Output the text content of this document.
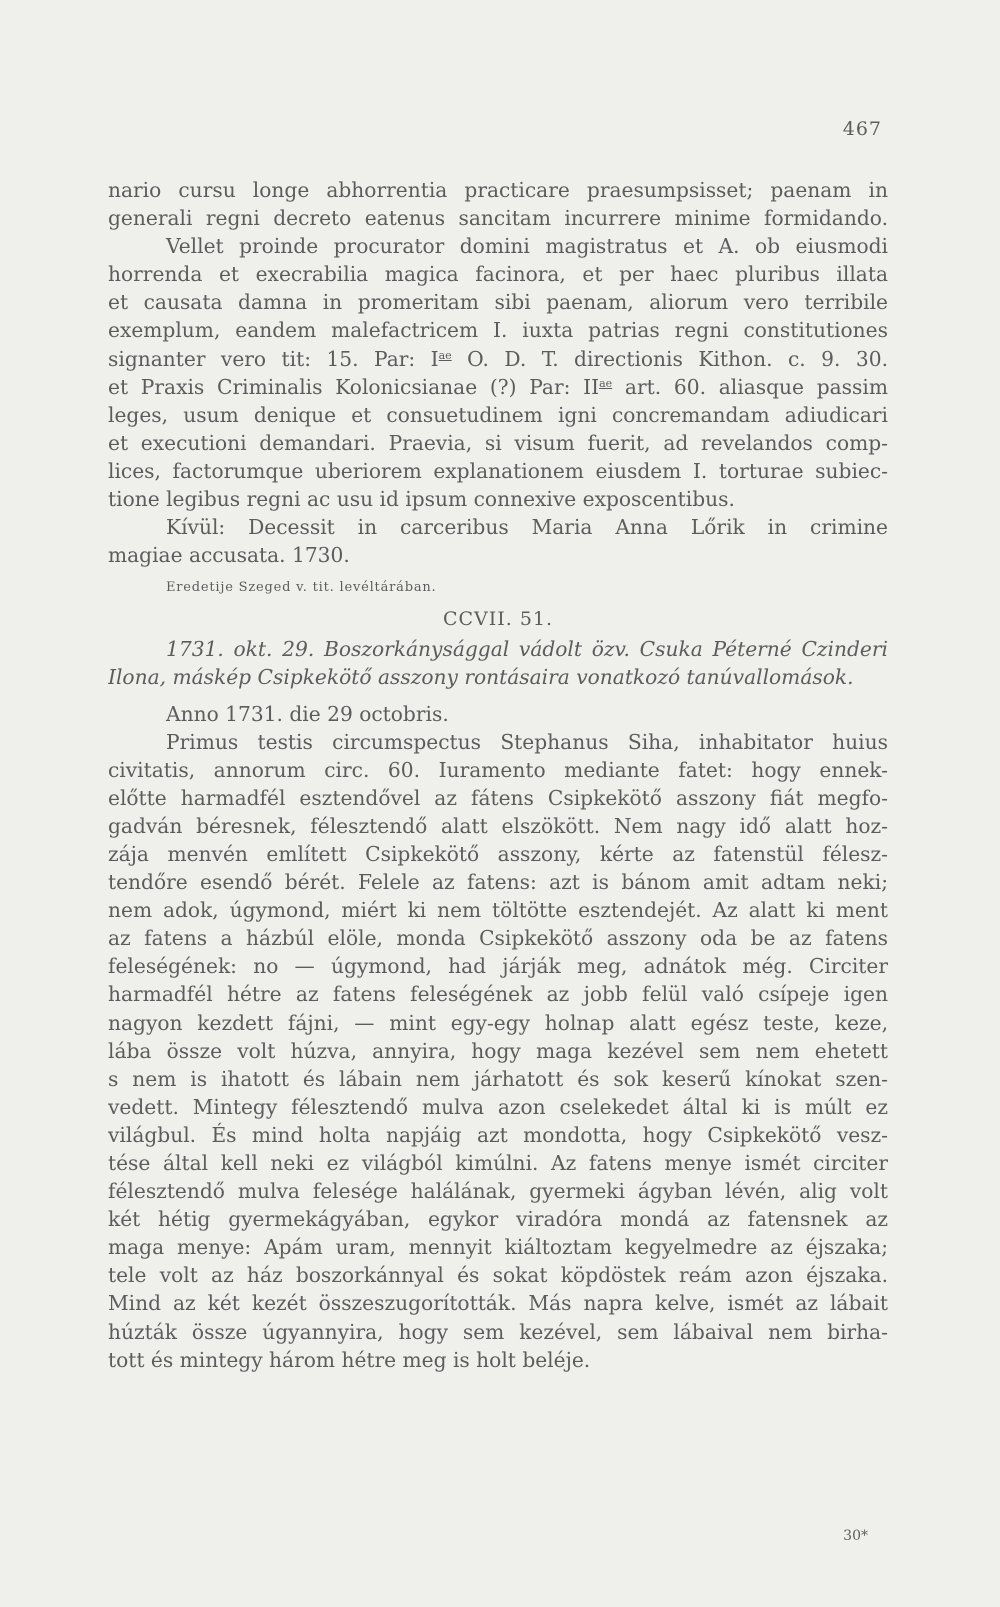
467
nario cursu longe abhorrentia practicare praesumpsisset; paenam in
generali regni decreto eatenus sancitam incurrere minime formidando.
Vellet proinde procurator domini magistratus et A. ob eiusmodi
horrenda et execrabilia magica facinora, et per haec pluribus illata
et causata damna in promeritam sibi paenam, aliorum vero terribile
exemplum, eandem malefactricem I. iuxta patrias regni constitutiones
signanter vero tit: 15. Par: $I^{ae}$ O. D. T. directionis Kithon. c. 9. 30.
et Praxis Criminalis Kolonicsianae (?) Par: $II^{ae}$ art. 60. aliasque passim
leges, usum denique et consuetudinem igni concremandam adiudicari
et executioni demandari. Praevia, si visum fuerit, ad revelandos comp-
lices, factorumque uberiorem explanationem eiusdem I. torturae subiec-
tione legibus regni ac usu id ipsum connexive exposcentibus.
Kívül: Decessit in carceribus Maria Anna Lőrik in crimine
magiae accusata. 1730.
Eredetije Szeged v. tit. levéltárában.
CCVII. 51.
1731. okt. 29. Boszorkánysággal vádolt özv. Csuka Péterné Czinderi
Ilona, máskép Csipkekötő asszony rontásaira vonatkozó tanúvallomások.
Anno 1731. die 29 octobris.
Primus testis circumspectus Stephanus Siha, inhabitator huius
civitatis, annorum circ. 60. Iuramento mediante fatet: hogy ennek-
előtte harmadfél esztendővel az fátens Csipkekötő asszony fiát megfo-
gadván béresnek, félesztendő alatt elszökött. Nem nagy idő alatt hoz-
zája menvén említett Csipkekötő asszony, kérte az fatenstül félesz-
tendőre esendő bérét. Felele az fatens: azt is bánom amit adtam neki;
nem adok, úgymond, miért ki nem töltötte esztendejét. Az alatt ki ment
az fatens a házbúl elöle, monda Csipkekötő asszony oda be az fatens
feleségének: no — úgymond, had járják meg, adnátok még. Circiter
harmadfél hétre az fatens feleségének az jobb felül való csípeje igen
nagyon kezdett fájni, — mint egy-egy holnap alatt egész teste, keze,
lába össze volt húzva, annyira, hogy maga kezével sem nem ehetett
s nem is ihatott és lábain nem járhatott és sok keserű kínokat szen-
vedett. Mintegy félesztendő mulva azon cselekedet által ki is múlt ez
világbul. És mind holta napjáig azt mondotta, hogy Csipkekötő vesz-
tése által kell neki ez világból kimúlni. Az fatens menye ismét circiter
félesztendő mulva felesége halálának, gyermeki ágyban lévén, alig volt
két hétig gyermekágyában, egykor viradóra mondá az fatensnek az
maga menye: Apám uram, mennyit kiáltoztam kegyelmedre az éjszaka;
tele volt az ház boszorkánnyal és sokat köpdöstek reám azon éjszaka.
Mind az két kezét összeszugorították. Más napra kelve, ismét az lábait
húzták össze úgyannyira, hogy sem kezével, sem lábaival nem birha-
tott és mintegy három hétre meg is holt beléje.
30*
